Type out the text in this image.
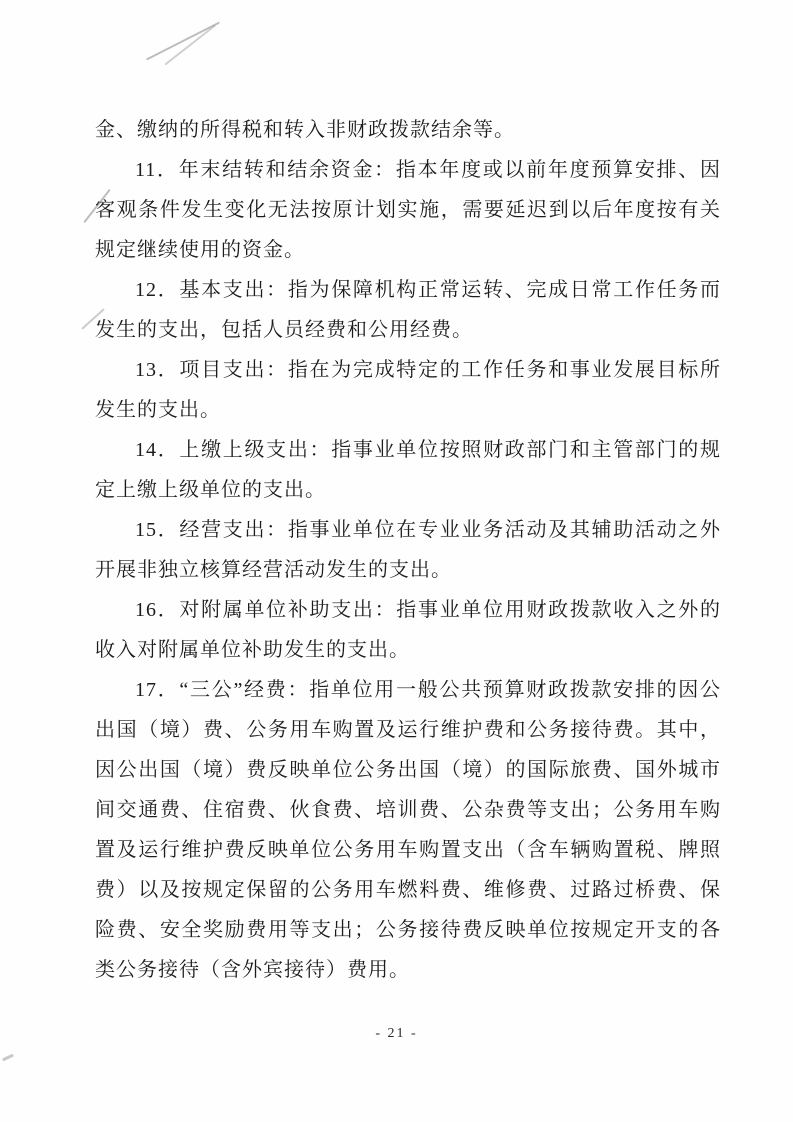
金、缴纳的所得税和转入非财政拨款结余等。

11．年末结转和结余资金：指本年度或以前年度预算安排、因客观条件发生变化无法按原计划实施，需要延迟到以后年度按有关规定继续使用的资金。

12．基本支出：指为保障机构正常运转、完成日常工作任务而发生的支出，包括人员经费和公用经费。

13．项目支出：指在为完成特定的工作任务和事业发展目标所发生的支出。

14．上缴上级支出：指事业单位按照财政部门和主管部门的规定上缴上级单位的支出。

15．经营支出：指事业单位在专业业务活动及其辅助活动之外开展非独立核算经营活动发生的支出。

16．对附属单位补助支出：指事业单位用财政拨款收入之外的收入对附属单位补助发生的支出。

17．“三公”经费：指单位用一般公共预算财政拨款安排的因公出国（境）费、公务用车购置及运行维护费和公务接待费。其中，因公出国（境）费反映单位公务出国（境）的国际旅费、国外城市间交通费、住宿费、伙食费、培训费、公杂费等支出；公务用车购置及运行维护费反映单位公务用车购置支出（含车辆购置税、牌照费）以及按规定保留的公务用车燃料费、维修费、过路过桥费、保险费、安全奖励费用等支出；公务接待费反映单位按规定开支的各类公务接待（含外宾接待）费用。

- 21 -
